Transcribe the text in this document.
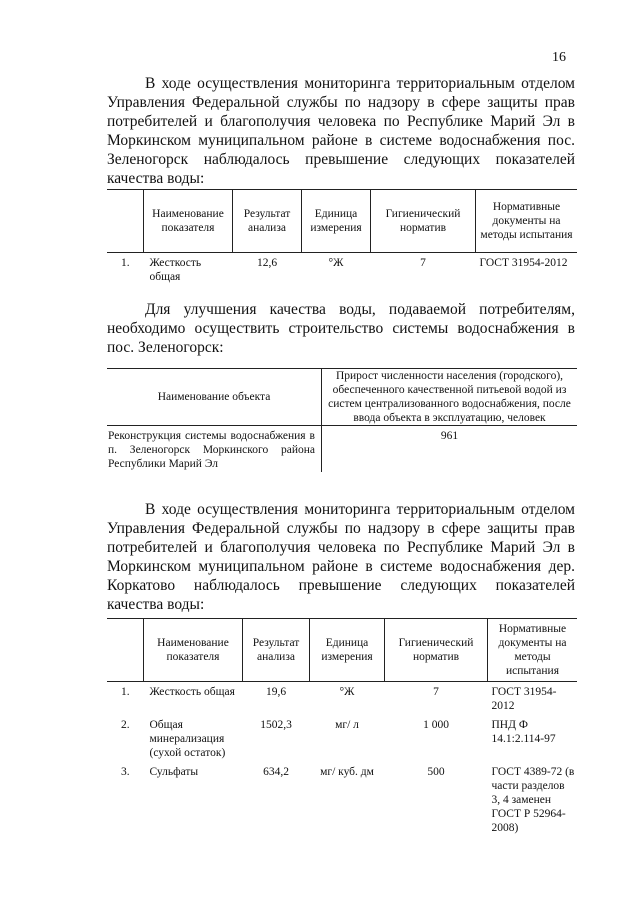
16
В ходе осуществления мониторинга территориальным отделом Управления Федеральной службы по надзору в сфере защиты прав потребителей и благополучия человека по Республике Марий Эл в Моркинском муниципальном районе в системе водоснабжения пос. Зеленогорск наблюдалось превышение следующих показателей качества воды:
	Наименование показателя	Результат анализа	Единица измерения	Гигиенический норматив	Нормативные документы на методы испытания
1.	Жесткость общая	12,6	°Ж	7	ГОСТ 31954-2012
Для улучшения качества воды, подаваемой потребителям, необходимо осуществить строительство системы водоснабжения в пос. Зеленогорск:
Наименование объекта	Прирост численности населения (городского), обеспеченного качественной питьевой водой из систем централизованного водоснабжения, после ввода объекта в эксплуатацию, человек
Реконструкция системы водоснабжения в п. Зеленогорск Моркинского района Республики Марий Эл	961
В ходе осуществления мониторинга территориальным отделом Управления Федеральной службы по надзору в сфере защиты прав потребителей и благополучия человека по Республике Марий Эл в Моркинском муниципальном районе в системе водоснабжения дер. Коркатово наблюдалось превышение следующих показателей качества воды:
	Наименование показателя	Результат анализа	Единица измерения	Гигиенический норматив	Нормативные документы на методы испытания
1.	Жесткость общая	19,6	°Ж	7	ГОСТ 31954-2012
2.	Общая минерализация (сухой остаток)	1502,3	мг/ л	1 000	ПНД Ф 14.1:2.114-97
3.	Сульфаты	634,2	мг/ куб. дм	500	ГОСТ 4389-72 (в части разделов 3, 4 заменен ГОСТ Р 52964-2008)
